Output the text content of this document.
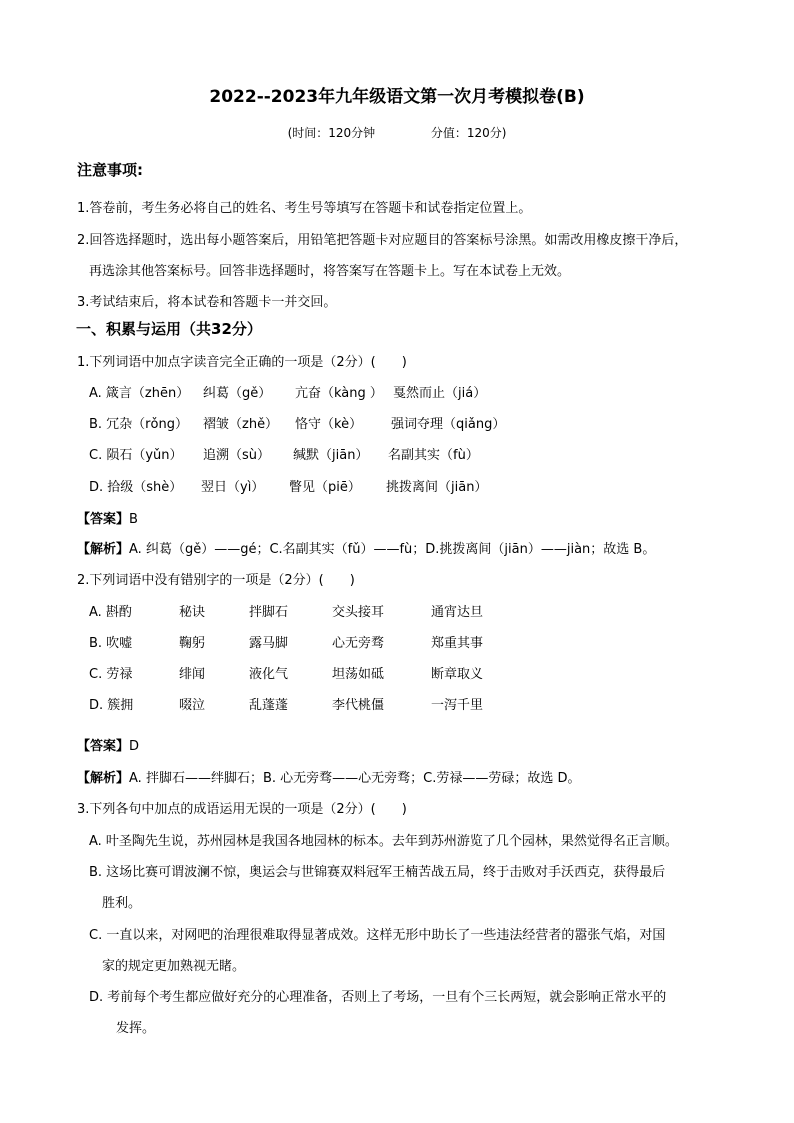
2022--2023年九年级语文第一次月考模拟卷(B)
(时间：120分钟	分值：120分)
注意事项:
1.答卷前，考生务必将自己的姓名、考生号等填写在答题卡和试卷指定位置上。
2.回答选择题时，选出每小题答案后，用铅笔把答题卡对应题目的答案标号涂黑。如需改用橡皮擦干净后，
再选涂其他答案标号。回答非选择题时，将答案写在答题卡上。写在本试卷上无效。
3.考试结束后，将本试卷和答题卡一并交回。
一、积累与运用（共32分）
1.下列词语中加点字读音完全正确的一项是（2分）(　　)
A. 箴言（zhēn） 纠葛（gě） 亢奋（kàng ） 戛然而止（jiá）
B. 冗杂（rǒng） 褶皱（zhě） 恪守（kè） 强词夺理（qiǎng）
C. 陨石（yǔn） 追溯（sù） 缄默（jiān） 名副其实（fù）
D. 拾级（shè） 翌日（yì） 瞥见（piē） 挑拨离间（jiān）
【答案】B
【解析】A. 纠葛（gě）——gé；C.名副其实（fǔ）——fù；D.挑拨离间（jiān）——jiàn；故选 B。
2.下列词语中没有错别字的一项是（2分）(　　)
A. 斟酌	秘诀	拌脚石	交头接耳	通宵达旦
B. 吹嘘	鞠躬	露马脚	心无旁骛	郑重其事
C. 劳禄	绯闻	液化气	坦荡如砥	断章取义
D. 簇拥	啜泣	乱蓬蓬	李代桃僵	一泻千里
【答案】D
【解析】A. 拌脚石——绊脚石；B. 心无旁骛——心无旁骛；C.劳禄——劳碌；故选 D。
3.下列各句中加点的成语运用无误的一项是（2分）(　　)
A. 叶圣陶先生说，苏州园林是我国各地园林的标本。去年到苏州游览了几个园林，果然觉得名正言顺。
B. 这场比赛可谓波澜不惊，奥运会与世锦赛双料冠军王楠苦战五局，终于击败对手沃西克，获得最后
胜利。
C. 一直以来，对网吧的治理很难取得显著成效。这样无形中助长了一些违法经营者的嚣张气焰，对国
家的规定更加熟视无睹。
D. 考前每个考生都应做好充分的心理准备，否则上了考场，一旦有个三长两短，就会影响正常水平的
发挥。
